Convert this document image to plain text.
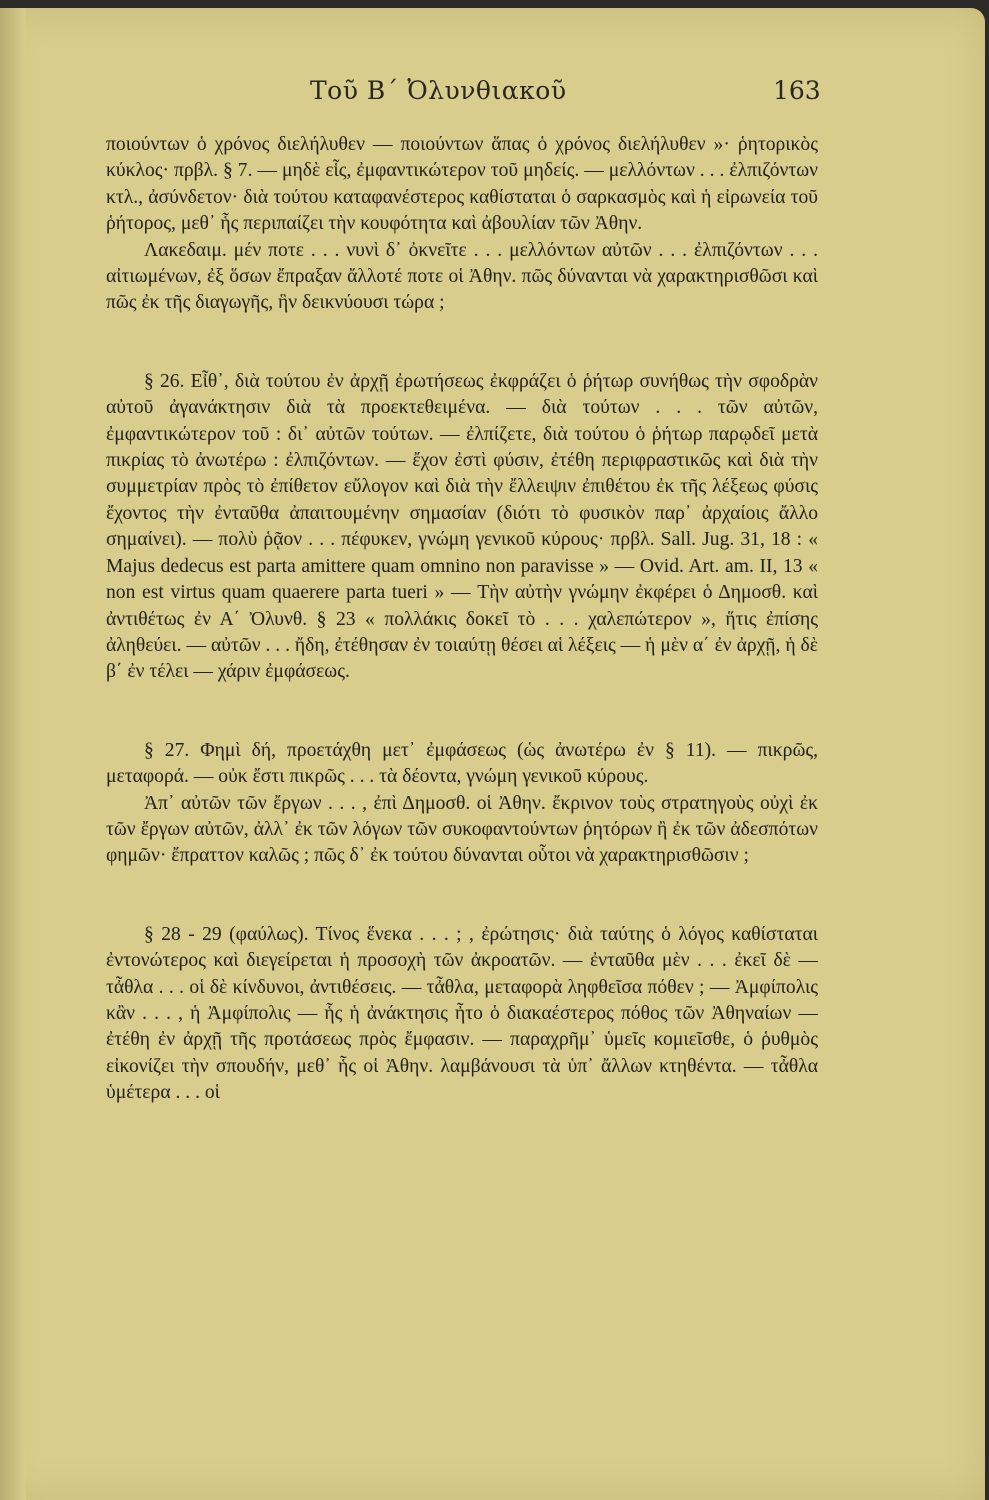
Τοῦ Β΄ Ὀλυνθιακοῦ	163

ποιούντων ὁ χρόνος διελήλυθεν — ποιούντων ἅπας ὁ χρόνος διελήλυθεν »· ῥητορικὸς κύκλος· πρβλ. § 7. — μηδὲ εἷς, ἐμφαντικώτερον τοῦ μηδείς. — μελλόντων . . . ἐλπιζόντων κτλ., ἀσύνδετον· διὰ τούτου καταφανέστερος καθίσταται ὁ σαρκασμὸς καὶ ἡ εἰρωνεία τοῦ ῥήτορος, μεθ᾽ ἧς περιπαίζει τὴν κουφότητα καὶ ἀβουλίαν τῶν Ἀθην.

Λακεδαιμ. μέν ποτε . . . νυνὶ δ᾽ ὀκνεῖτε . . . μελλόντων αὐτῶν . . . ἐλπιζόντων . . . αἰτιωμένων, ἐξ ὅσων ἔπραξαν ἄλλοτέ ποτε οἱ Ἀθην. πῶς δύνανται νὰ χαρακτηρισθῶσι καὶ πῶς ἐκ τῆς διαγωγῆς, ἣν δεικνύουσι τώρα ;

§ 26. Εἶθ᾽, διὰ τούτου ἐν ἀρχῇ ἐρωτήσεως ἐκφράζει ὁ ῥήτωρ συνήθως τὴν σφοδρὰν αὐτοῦ ἀγανάκτησιν διὰ τὰ προεκτεθειμένα. — διὰ τούτων . . . τῶν αὐτῶν, ἐμφαντικώτερον τοῦ : δι᾽ αὐτῶν τούτων. — ἐλπίζετε, διὰ τούτου ὁ ῥήτωρ παρῳδεῖ μετὰ πικρίας τὸ ἀνωτέρω : ἐλπιζόντων. — ἔχον ἐστὶ φύσιν, ἐτέθη περιφραστικῶς καὶ διὰ τὴν συμμετρίαν πρὸς τὸ ἐπίθετον εὔλογον καὶ διὰ τὴν ἔλλειψιν ἐπιθέτου ἐκ τῆς λέξεως φύσις ἔχοντος τὴν ἐνταῦθα ἀπαιτουμένην σημασίαν (διότι τὸ φυσικὸν παρ᾽ ἀρχαίοις ἄλλο σημαίνει). — πολὺ ῥᾷον . . . πέφυκεν, γνώμη γενικοῦ κύρους· πρβλ. Sall. Jug. 31, 18 : « Majus dedecus est parta amittere quam omnino non paravisse » — Ovid. Art. am. II, 13 « non est virtus quam quaerere parta tueri » — Τὴν αὐτὴν γνώμην ἐκφέρει ὁ Δημοσθ. καὶ ἀντιθέτως ἐν Α΄ Ὀλυνθ. § 23 « πολλάκις δοκεῖ τὸ . . . χαλεπώτερον », ἥτις ἐπίσης ἀληθεύει. — αὐτῶν . . . ἤδη, ἐτέθησαν ἐν τοιαύτῃ θέσει αἱ λέξεις — ἡ μὲν α΄ ἐν ἀρχῇ, ἡ δὲ β΄ ἐν τέλει — χάριν ἐμφάσεως.

§ 27. Φημὶ δή, προετάχθη μετ᾽ ἐμφάσεως (ὡς ἀνωτέρω ἐν § 11). — πικρῶς, μεταφορά. — οὐκ ἔστι πικρῶς . . . τὰ δέοντα, γνώμη γενικοῦ κύρους.

Ἀπ᾽ αὐτῶν τῶν ἔργων . . . , ἐπὶ Δημοσθ. οἱ Ἀθην. ἔκρινον τοὺς στρατηγοὺς οὐχὶ ἐκ τῶν ἔργων αὐτῶν, ἀλλ᾽ ἐκ τῶν λόγων τῶν συκοφαντούντων ῥητόρων ἢ ἐκ τῶν ἀδεσπότων φημῶν· ἔπραττον καλῶς ; πῶς δ᾽ ἐκ τούτου δύνανται οὗτοι νὰ χαρακτηρισθῶσιν ;

§ 28 - 29 (φαύλως). Τίνος ἕνεκα . . . ; , ἐρώτησις· διὰ ταύτης ὁ λόγος καθίσταται ἐντονώτερος καὶ διεγείρεται ἡ προσοχὴ τῶν ἀκροατῶν. — ἐνταῦθα μὲν . . . ἐκεῖ δὲ — τἆθλα . . . οἱ δὲ κίνδυνοι, ἀντιθέσεις. — τἆθλα, μεταφορὰ ληφθεῖσα πόθεν ; — Ἀμφίπολις κἂν . . . , ἡ Ἀμφίπολις — ἧς ἡ ἀνάκτησις ἦτο ὁ διακαέστερος πόθος τῶν Ἀθηναίων — ἐτέθη ἐν ἀρχῇ τῆς προτάσεως πρὸς ἔμφασιν. — παραχρῆμ᾽ ὑμεῖς κομιεῖσθε, ὁ ῥυθμὸς εἰκονίζει τὴν σπουδήν, μεθ᾽ ἧς οἱ Ἀθην. λαμβάνουσι τὰ ὑπ᾽ ἄλλων κτηθέντα. — τἆθλα ὑμέτερα . . . οἱ
